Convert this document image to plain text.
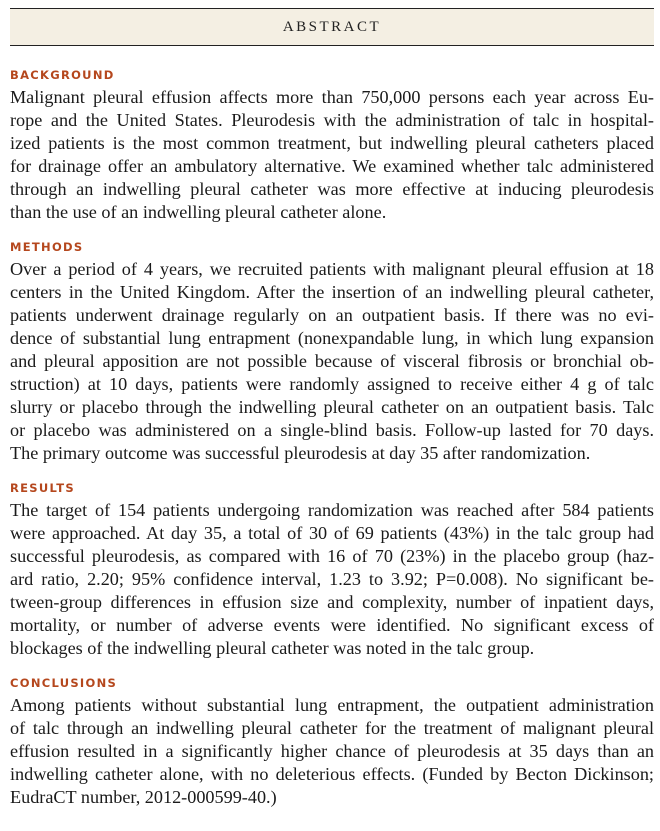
ABSTRACT
BACKGROUND
Malignant pleural effusion affects more than 750,000 persons each year across Eu-
rope and the United States. Pleurodesis with the administration of talc in hospital-
ized patients is the most common treatment, but indwelling pleural catheters placed
for drainage offer an ambulatory alternative. We examined whether talc administered
through an indwelling pleural catheter was more effective at inducing pleurodesis
than the use of an indwelling pleural catheter alone.
METHODS
Over a period of 4 years, we recruited patients with malignant pleural effusion at 18
centers in the United Kingdom. After the insertion of an indwelling pleural catheter,
patients underwent drainage regularly on an outpatient basis. If there was no evi-
dence of substantial lung entrapment (nonexpandable lung, in which lung expansion
and pleural apposition are not possible because of visceral fibrosis or bronchial ob-
struction) at 10 days, patients were randomly assigned to receive either 4 g of talc
slurry or placebo through the indwelling pleural catheter on an outpatient basis. Talc
or placebo was administered on a single-blind basis. Follow-up lasted for 70 days.
The primary outcome was successful pleurodesis at day 35 after randomization.
RESULTS
The target of 154 patients undergoing randomization was reached after 584 patients
were approached. At day 35, a total of 30 of 69 patients (43%) in the talc group had
successful pleurodesis, as compared with 16 of 70 (23%) in the placebo group (haz-
ard ratio, 2.20; 95% confidence interval, 1.23 to 3.92; P=0.008). No significant be-
tween-group differences in effusion size and complexity, number of inpatient days,
mortality, or number of adverse events were identified. No significant excess of
blockages of the indwelling pleural catheter was noted in the talc group.
CONCLUSIONS
Among patients without substantial lung entrapment, the outpatient administration
of talc through an indwelling pleural catheter for the treatment of malignant pleural
effusion resulted in a significantly higher chance of pleurodesis at 35 days than an
indwelling catheter alone, with no deleterious effects. (Funded by Becton Dickinson;
EudraCT number, 2012-000599-40.)
